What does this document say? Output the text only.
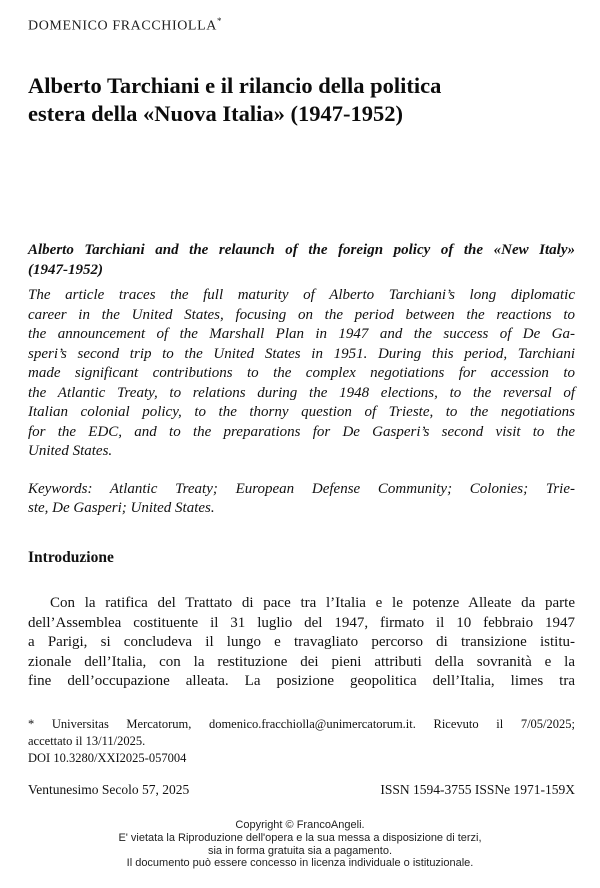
DOMENICO FRACCHIOLLA*
Alberto Tarchiani e il rilancio della politica
estera della «Nuova Italia» (1947-1952)
Alberto Tarchiani and the relaunch of the foreign policy of the «New Italy»
(1947-1952)
The article traces the full maturity of Alberto Tarchiani’s long diplomatic
career in the United States, focusing on the period between the reactions to
the announcement of the Marshall Plan in 1947 and the success of De Ga-
speri’s second trip to the United States in 1951. During this period, Tarchiani
made significant contributions to the complex negotiations for accession to
the Atlantic Treaty, to relations during the 1948 elections, to the reversal of
Italian colonial policy, to the thorny question of Trieste, to the negotiations
for the EDC, and to the preparations for De Gasperi’s second visit to the
United States.
Keywords: Atlantic Treaty; European Defense Community; Colonies; Trie-
ste, De Gasperi; United States.
Introduzione
Con la ratifica del Trattato di pace tra l’Italia e le potenze Alleate da parte
dell’Assemblea costituente il 31 luglio del 1947, firmato il 10 febbraio 1947
a Parigi, si concludeva il lungo e travagliato percorso di transizione istitu-
zionale dell’Italia, con la restituzione dei pieni attributi della sovranità e la
fine dell’occupazione alleata. La posizione geopolitica dell’Italia, limes tra
* Universitas Mercatorum, domenico.fracchiolla@unimercatorum.it. Ricevuto il 7/05/2025;
accettato il 13/11/2025.
DOI 10.3280/XXI2025-057004
Ventunesimo Secolo 57, 2025	ISSN 1594-3755 ISSNe 1971-159X
Copyright © FrancoAngeli.
E' vietata la Riproduzione dell'opera e la sua messa a disposizione di terzi,
sia in forma gratuita sia a pagamento.
Il documento può essere concesso in licenza individuale o istituzionale.
